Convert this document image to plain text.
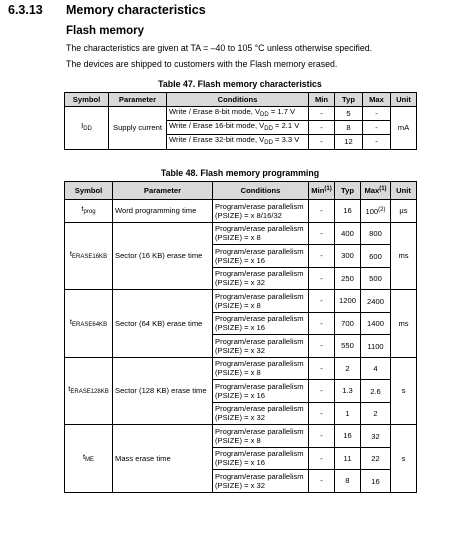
6.3.13 Memory characteristics
Flash memory
The characteristics are given at TA = –40 to 105 °C unless otherwise specified.
The devices are shipped to customers with the Flash memory erased.
Table 47. Flash memory characteristics
Symbol	Parameter	Conditions	Min	Typ	Max	Unit
$I_{DD}$	Supply current	Write / Erase 8-bit mode, $V_{DD} = 1.7$ V	-	5	-	mA
		Write / Erase 16-bit mode, $V_{DD} = 2.1$ V	-	8	-	
		Write / Erase 32-bit mode, $V_{DD} = 3.3$ V	-	12	-	
Table 48. Flash memory programming
Symbol	Parameter	Conditions	Min$^{(1)}$	Typ	Max$^{(1)}$	Unit
$t_{prog}$	Word programming time	Program/erase parallelism
(PSIZE) = x 8/16/32	-	16	100$^{(2)}$	µs
$t_{ERASE16KB}$	Sector (16 KB) erase time	Program/erase parallelism
(PSIZE) = x 8	-	400	800	ms
		Program/erase parallelism
(PSIZE) = x 16	-	300	600	
		Program/erase parallelism
(PSIZE) = x 32	-	250	500	
$t_{ERASE64KB}$	Sector (64 KB) erase time	Program/erase parallelism
(PSIZE) = x 8	-	1200	2400	ms
		Program/erase parallelism
(PSIZE) = x 16	-	700	1400	
		Program/erase parallelism
(PSIZE) = x 32	-	550	1100	
$t_{ERASE128KB}$	Sector (128 KB) erase time	Program/erase parallelism
(PSIZE) = x 8	-	2	4	s
		Program/erase parallelism
(PSIZE) = x 16	-	1.3	2.6	
		Program/erase parallelism
(PSIZE) = x 32	-	1	2	
$t_{ME}$	Mass erase time	Program/erase parallelism
(PSIZE) = x 8	-	16	32	s
		Program/erase parallelism
(PSIZE) = x 16	-	11	22	
		Program/erase parallelism
(PSIZE) = x 32	-	8	16	
